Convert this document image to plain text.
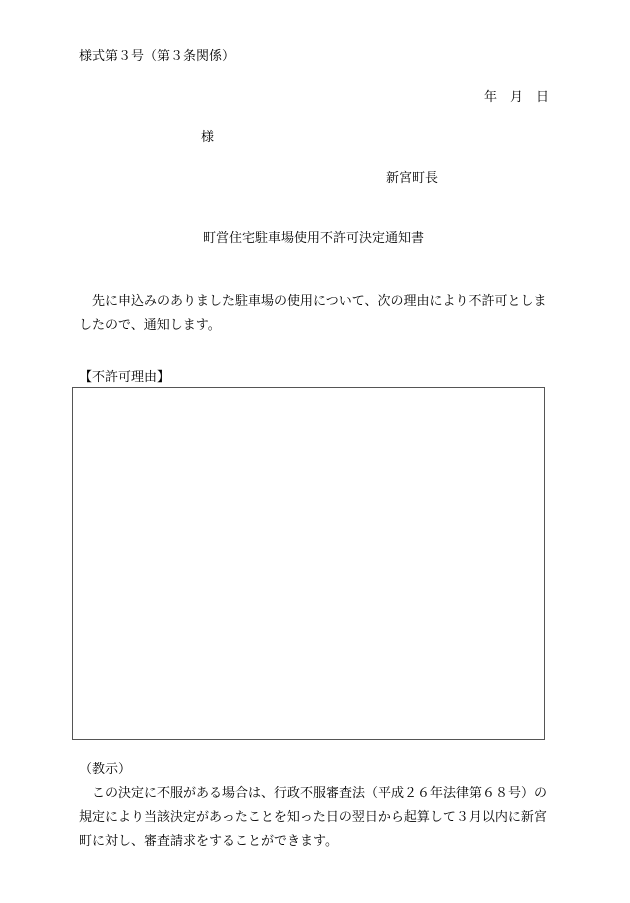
様式第３号（第３条関係）
年　月　日
様
新宮町長
町営住宅駐車場使用不許可決定通知書
先に申込みのありました駐車場の使用について、次の理由により不許可としましたので、通知します。
【不許可理由】
（教示）
この決定に不服がある場合は、行政不服審査法（平成２６年法律第６８号）の規定により当該決定があったことを知った日の翌日から起算して３月以内に新宮町に対し、審査請求をすることができます。
